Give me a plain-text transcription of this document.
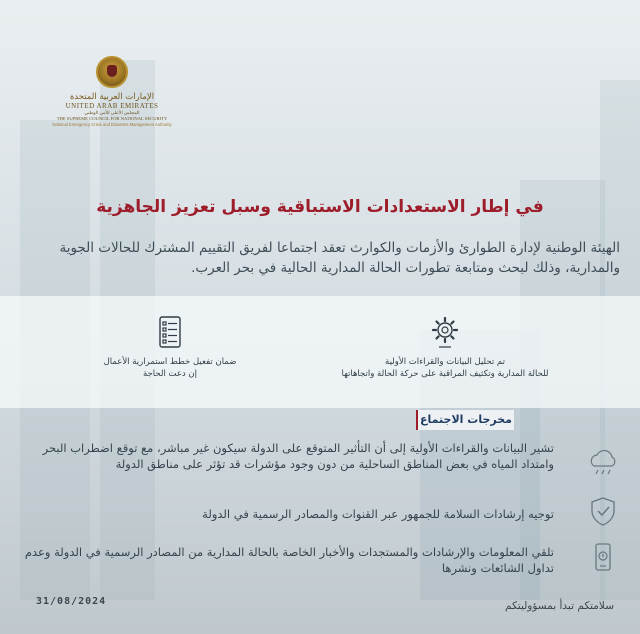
الإمارات العربية المتحدة
UNITED ARAB EMIRATES
المجلس الأعلى للأمن الوطني
THE SUPREME COUNCIL FOR NATIONAL SECURITY
National Emergency Crisis and Disasters Management Authority
في إطار الاستعدادات الاستباقية وسبل تعزيز الجاهزية
الهيئة الوطنية لإدارة الطوارئ والأزمات والكوارث تعقد اجتماعا لفريق التقييم المشترك للحالات الجوية والمدارية، وذلك لبحث ومتابعة تطورات الحالة المدارية الحالية في بحر العرب.
تم تحليل البيانات والقراءات الأولية
للحالة المدارية وتكثيف المراقبة على حركة الحالة واتجاهاتها
ضمان تفعيل خطط استمرارية الأعمال
إن دعت الحاجة
مخرجات الاجتماع
تشير البيانات والقراءات الأولية إلى أن التأثير المتوقع على الدولة سيكون غير مباشر، مع توقع اضطراب البحر وامتداد المياه في بعض المناطق الساحلية من دون وجود مؤشرات قد تؤثر على مناطق الدولة
توجيه إرشادات السلامة للجمهور عبر القنوات والمصادر الرسمية في الدولة
تلقي المعلومات والإرشادات والمستجدات والأخبار الخاصة بالحالة المدارية من المصادر الرسمية في الدولة وعدم تداول الشائعات ونشرها
31/08/2024	سلامتكم تبدأ بمسؤوليتكم
